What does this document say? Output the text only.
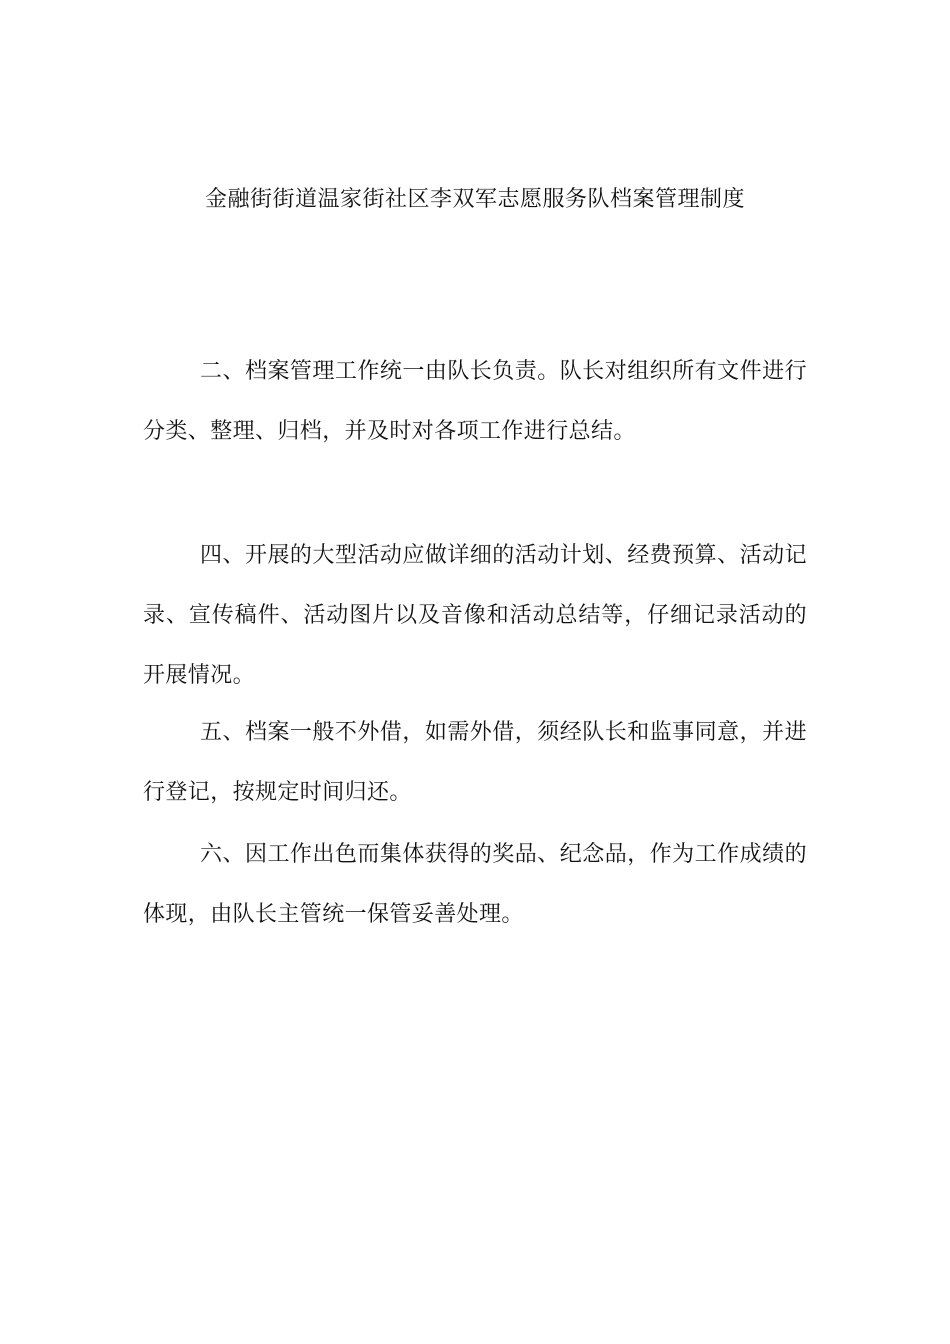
金融街街道温家街社区李双军志愿服务队档案管理制度

二、档案管理工作统一由队长负责。队长对组织所有文件进行分类、整理、归档，并及时对各项工作进行总结。

四、开展的大型活动应做详细的活动计划、经费预算、活动记录、宣传稿件、活动图片以及音像和活动总结等，仔细记录活动的开展情况。

五、档案一般不外借，如需外借，须经队长和监事同意，并进行登记，按规定时间归还。

六、因工作出色而集体获得的奖品、纪念品，作为工作成绩的体现，由队长主管统一保管妥善处理。
